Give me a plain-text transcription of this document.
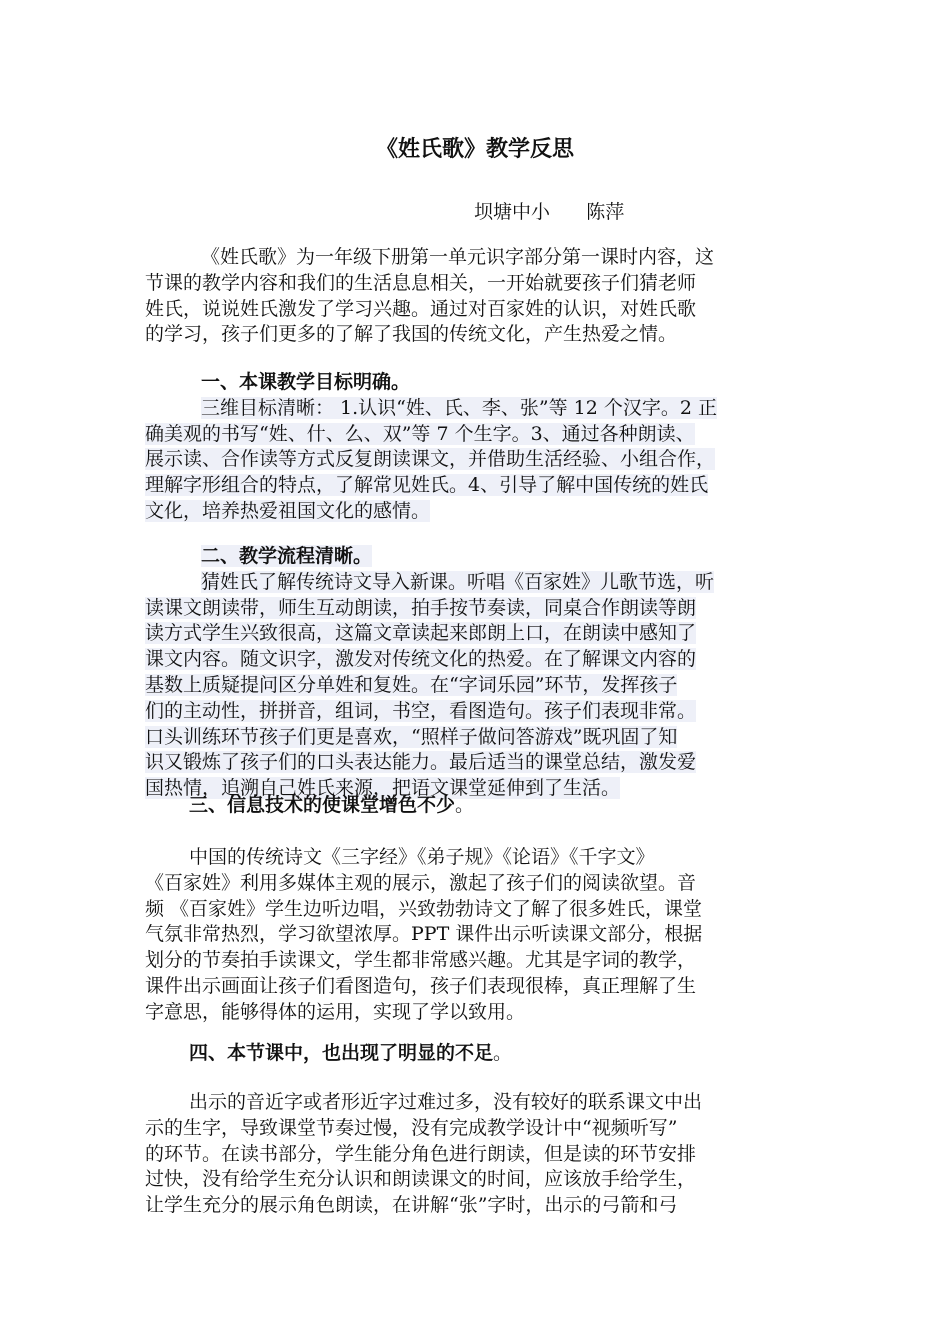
《姓氏歌》教学反思
坝塘中小      陈萍
《姓氏歌》为一年级下册第一单元识字部分第一课时内容，这
节课的教学内容和我们的生活息息相关，一开始就要孩子们猜老师
姓氏，说说姓氏激发了学习兴趣。通过对百家姓的认识，对姓氏歌
的学习，孩子们更多的了解了我国的传统文化，产生热爱之情。
一、本课教学目标明确。
三维目标清晰： 1.认识“姓、氏、李、张”等 12 个汉字。2 正
确美观的书写“姓、什、么、双”等 7 个生字。3、通过各种朗读、
展示读、合作读等方式反复朗读课文，并借助生活经验、小组合作，
理解字形组合的特点，了解常见姓氏。4、引导了解中国传统的姓氏
文化，培养热爱祖国文化的感情。
二、教学流程清晰。
猜姓氏了解传统诗文导入新课。听唱《百家姓》儿歌节选，听
读课文朗读带，师生互动朗读，拍手按节奏读，同桌合作朗读等朗
读方式学生兴致很高，这篇文章读起来郎朗上口，在朗读中感知了
课文内容。随文识字，激发对传统文化的热爱。在了解课文内容的
基数上质疑提问区分单姓和复姓。在“字词乐园”环节，发挥孩子
们的主动性，拼拼音，组词，书空，看图造句。孩子们表现非常。
口头训练环节孩子们更是喜欢，“照样子做问答游戏”既巩固了知
识又锻炼了孩子们的口头表达能力。最后适当的课堂总结，激发爱
国热情，追溯自己姓氏来源，把语文课堂延伸到了生活。
三、信息技术的使课堂增色不少。
中国的传统诗文《三字经》《弟子规》《论语》《千字文》
《百家姓》利用多媒体主观的展示，激起了孩子们的阅读欲望。音
频 《百家姓》学生边听边唱，兴致勃勃诗文了解了很多姓氏，课堂
气氛非常热烈，学习欲望浓厚。PPT 课件出示听读课文部分，根据
划分的节奏拍手读课文，学生都非常感兴趣。尤其是字词的教学，
课件出示画面让孩子们看图造句，孩子们表现很棒，真正理解了生
字意思，能够得体的运用，实现了学以致用。
四、本节课中，也出现了明显的不足。
出示的音近字或者形近字过难过多，没有较好的联系课文中出
示的生字，导致课堂节奏过慢，没有完成教学设计中“视频听写”
的环节。在读书部分，学生能分角色进行朗读，但是读的环节安排
过快，没有给学生充分认识和朗读课文的时间，应该放手给学生，
让学生充分的展示角色朗读，在讲解“张”字时，出示的弓箭和弓
